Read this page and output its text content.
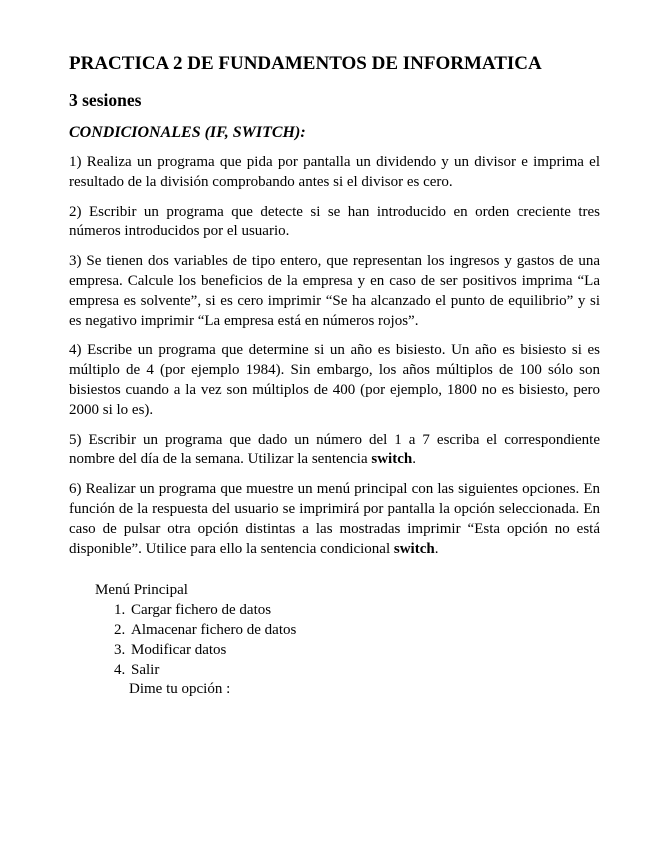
PRACTICA 2 DE FUNDAMENTOS DE INFORMATICA
3 sesiones
CONDICIONALES (IF, SWITCH):

1) Realiza un programa que pida por pantalla un dividendo y un divisor e imprima el resultado de la división comprobando antes si el divisor es cero.

2) Escribir un programa que detecte si se han introducido en orden creciente tres números introducidos por el usuario.

3) Se tienen dos variables de tipo entero, que representan los ingresos y gastos de una empresa. Calcule los beneficios de la empresa y en caso de ser positivos imprima “La empresa es solvente”, si es cero imprimir “Se ha alcanzado el punto de equilibrio” y si es negativo imprimir “La empresa está en números rojos”.

4) Escribe un programa que determine si un año es bisiesto. Un año es bisiesto si es múltiplo de 4 (por ejemplo 1984). Sin embargo, los años múltiplos de 100 sólo son bisiestos cuando a la vez son múltiplos de 400 (por ejemplo, 1800 no es bisiesto, pero 2000 si lo es).

5) Escribir un programa que dado un número del 1 a 7 escriba el correspondiente nombre del día de la semana. Utilizar la sentencia switch.

6) Realizar un programa que muestre un menú principal con las siguientes opciones. En función de la respuesta del usuario se imprimirá por pantalla la opción seleccionada. En caso de pulsar otra opción distintas a las mostradas imprimir “Esta opción no está disponible”. Utilice para ello la sentencia condicional switch.

Menú Principal
1. Cargar fichero de datos
2. Almacenar fichero de datos
3. Modificar datos
4. Salir
Dime tu opción :
